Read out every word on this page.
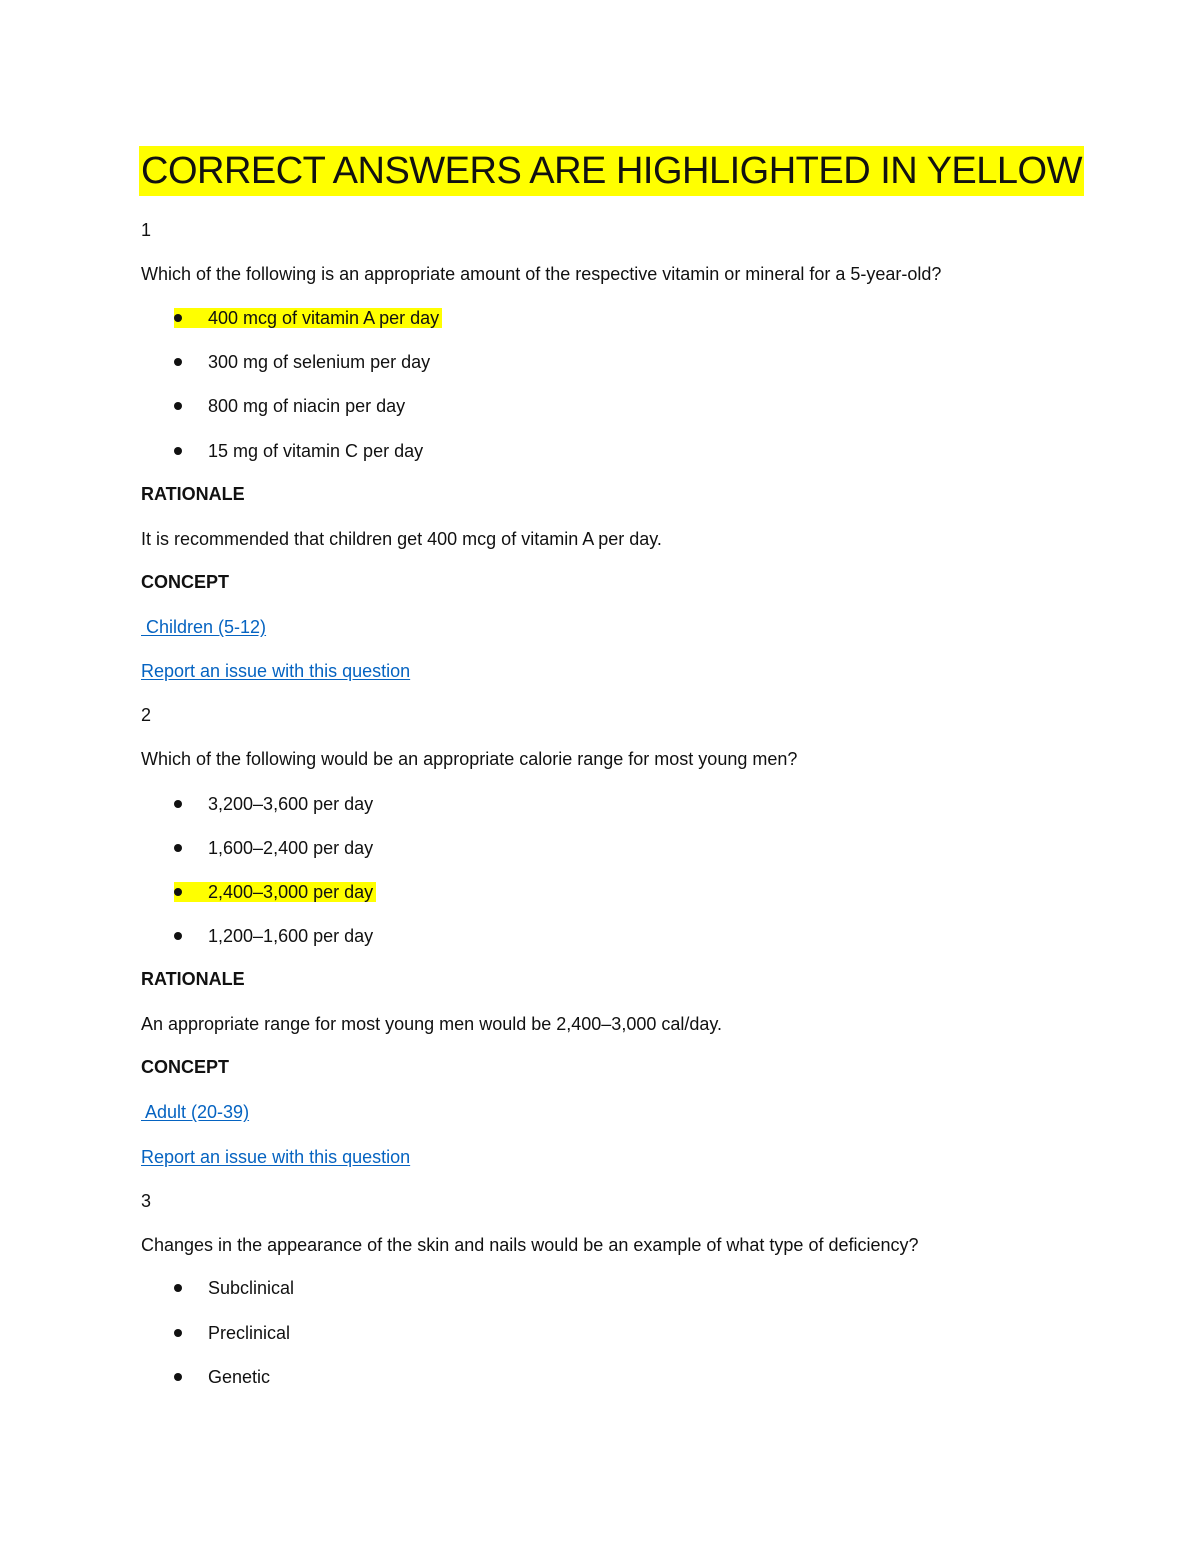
CORRECT ANSWERS ARE HIGHLIGHTED IN YELLOW
1
Which of the following is an appropriate amount of the respective vitamin or mineral for a 5-year-old?
400 mcg of vitamin A per day
300 mg of selenium per day
800 mg of niacin per day
15 mg of vitamin C per day
RATIONALE
It is recommended that children get 400 mcg of vitamin A per day.
CONCEPT
Children (5-12)
Report an issue with this question
2
Which of the following would be an appropriate calorie range for most young men?
3,200–3,600 per day
1,600–2,400 per day
2,400–3,000 per day
1,200–1,600 per day
RATIONALE
An appropriate range for most young men would be 2,400–3,000 cal/day.
CONCEPT
Adult (20-39)
Report an issue with this question
3
Changes in the appearance of the skin and nails would be an example of what type of deficiency?
Subclinical
Preclinical
Genetic
